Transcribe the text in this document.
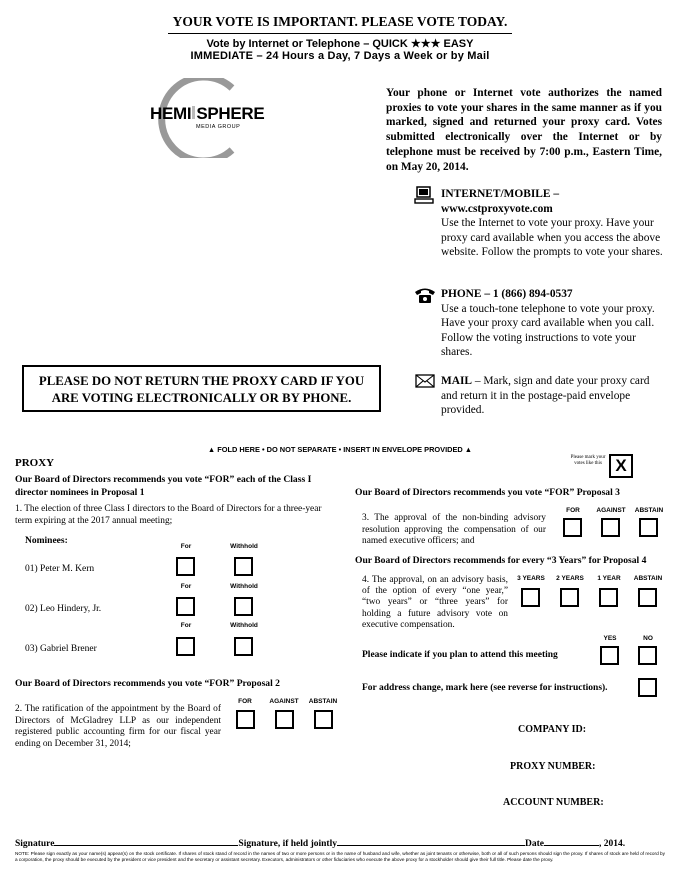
YOUR VOTE IS IMPORTANT. PLEASE VOTE TODAY.
Vote by Internet or Telephone – QUICK ★★★ EASY
IMMEDIATE – 24 Hours a Day, 7 Days a Week or by Mail
HEMI SPHERE
MEDIA GROUP
Your phone or Internet vote authorizes the named proxies to vote your shares in the same manner as if you marked, signed and returned your proxy card. Votes submitted electronically over the Internet or by telephone must be received by 7:00 p.m., Eastern Time, on May 20, 2014.
INTERNET/MOBILE –
www.cstproxyvote.com
Use the Internet to vote your proxy. Have your proxy card available when you access the above website. Follow the prompts to vote your shares.
PHONE – 1 (866) 894-0537
Use a touch-tone telephone to vote your proxy. Have your proxy card available when you call. Follow the voting instructions to vote your shares.
MAIL – Mark, sign and date your proxy card and return it in the postage-paid envelope provided.
PLEASE DO NOT RETURN THE PROXY CARD IF YOU ARE VOTING ELECTRONICALLY OR BY PHONE.
▲ FOLD HERE • DO NOT SEPARATE • INSERT IN ENVELOPE PROVIDED ▲
PROXY	Please mark your votes like this X
Our Board of Directors recommends you vote “FOR” each of the Class I director nominees in Proposal 1
1. The election of three Class I directors to the Board of Directors for a three-year term expiring at the 2017 annual meeting;
Nominees:
For	Withhold
01) Peter M. Kern
For	Withhold
02) Leo Hindery, Jr.
For	Withhold
03) Gabriel Brener
Our Board of Directors recommends you vote “FOR” Proposal 2
2. The ratification of the appointment by the Board of Directors of McGladrey LLP as our independent registered public accounting firm for our fiscal year ending on December 31, 2014;
FOR	AGAINST	ABSTAIN
Our Board of Directors recommends you vote “FOR” Proposal 3
3. The approval of the non-binding advisory resolution approving the compensation of our named executive officers; and
FOR	AGAINST	ABSTAIN
Our Board of Directors recommends for every “3 Years” for Proposal 4
4. The approval, on an advisory basis, of the option of every “one year,” “two years” or “three years” for holding a future advisory vote on executive compensation.
3 YEARS	2 YEARS	1 YEAR	ABSTAIN
YES	NO
Please indicate if you plan to attend this meeting
For address change, mark here (see reverse for instructions).
COMPANY ID:
PROXY NUMBER:
ACCOUNT NUMBER:
Signature	Signature, if held jointly	Date	, 2014.
NOTE: Please sign exactly as your name(s) appear(s) on the stock certificate. If shares of stock stand of record in the names of two or more persons or in the name of husband and wife, whether as joint tenants or otherwise, both or all of such persons should sign the proxy. If shares of stock are held of record by a corporation, the proxy should be executed by the president or vice president and the secretary or assistant secretary. Executors, administrators or other fiduciaries who execute the above proxy for a stockholder should give their full title. Please date the proxy.
